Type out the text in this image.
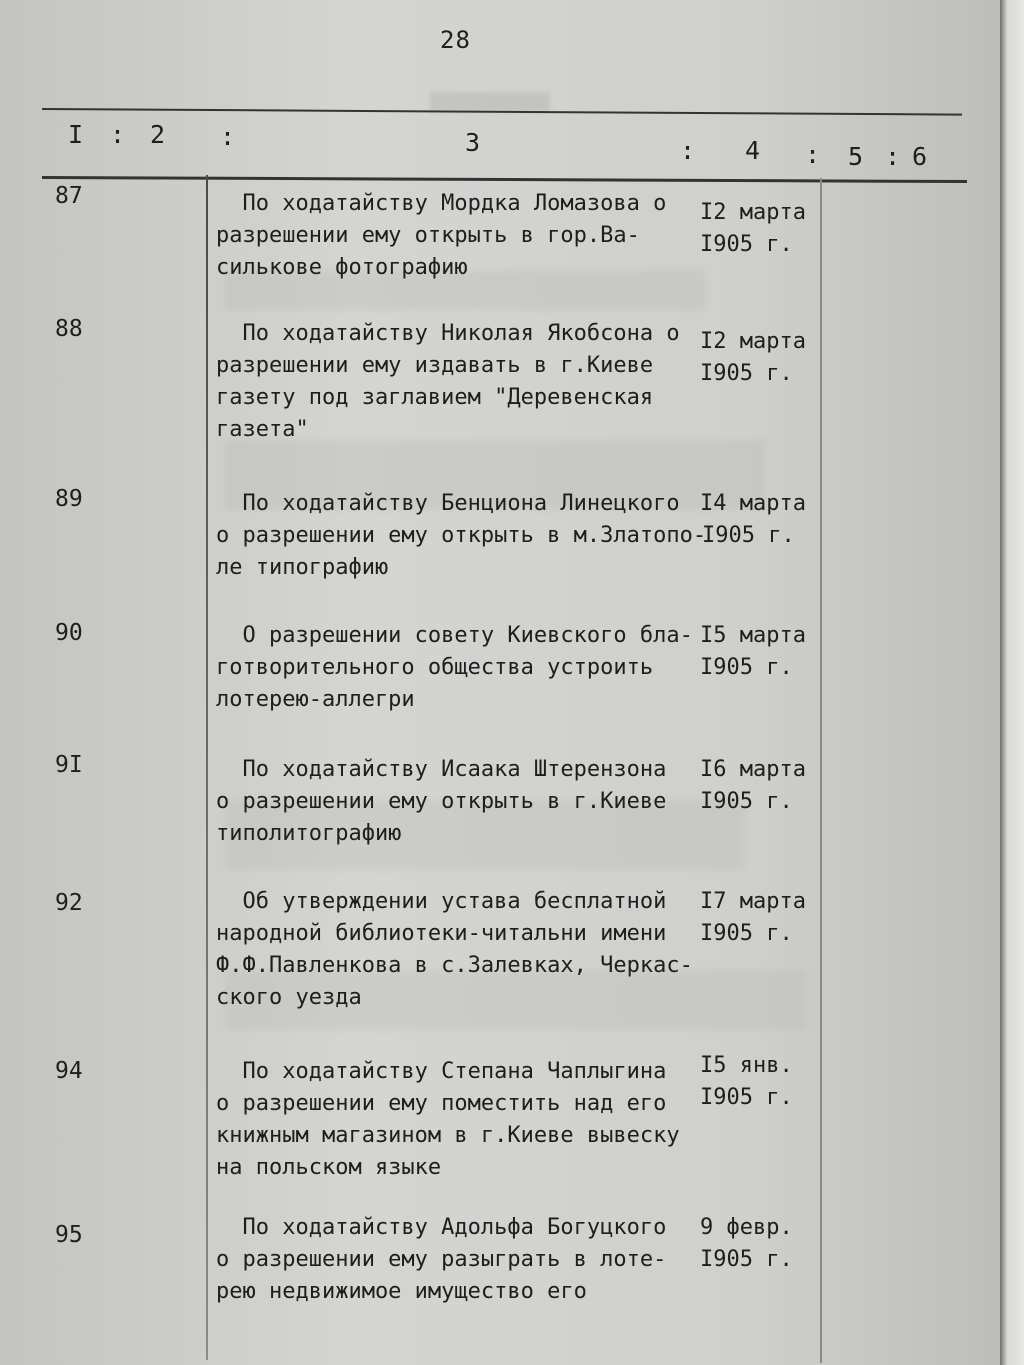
28
I : 2 :	3	: 4 : 5 : 6
87	По ходатайству Мордка Ломазова о
разрешении ему открыть в гор.Ва-
силькове фотографию
I2 марта
I905 г.
88	По ходатайству Николая Якобсона о
разрешении ему издавать в г.Киеве
газету под заглавием "Деревенская
газета"
I2 марта
I905 г.
89	По ходатайству Бенциона Линецкого
о разрешении ему открыть в м.Златопо-
ле типографию
I4 марта
I905 г.
90	О разрешении совету Киевского бла-
готворительного общества устроить
лотерею-аллегри
I5 марта
I905 г.
9I	По ходатайству Исаака Штерензона
о разрешении ему открыть в г.Киеве
типолитографию
I6 марта
I905 г.
92	Об утверждении устава бесплатной
народной библиотеки-читальни имени
Ф.Ф.Павленкова в с.Залевках, Черкас-
ского уезда
I7 марта
I905 г.
94	По ходатайству Степана Чаплыгина
о разрешении ему поместить над его
книжным магазином в г.Киеве вывеску
на польском языке
I5 янв.
I905 г.
95	По ходатайству Адольфа Богуцкого
о разрешении ему разыграть в лоте-
рею недвижимое имущество его
9 февр.
I905 г.
